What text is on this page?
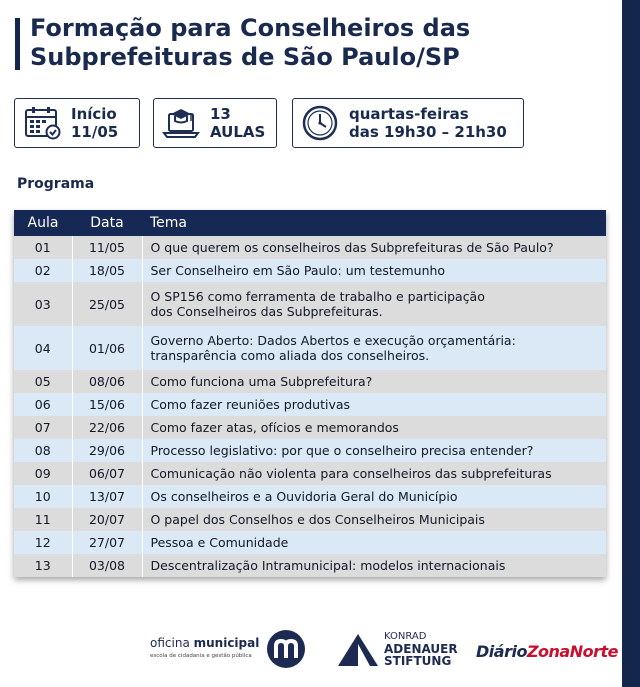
Formação para Conselheiros das
Subprefeituras de São Paulo/SP
Início
11/05
13
AULAS
quartas-feiras
das 19h30 – 21h30
Programa
Aula	Data	Tema
01	11/05	O que querem os conselheiros das Subprefeituras de São Paulo?

02	18/05	Ser Conselheiro em São Paulo: um testemunho

03	25/05	O SP156 como ferramenta de trabalho e participação
dos Conselheiros das Subprefeituras.

04	01/06	Governo Aberto: Dados Abertos e execução orçamentária:
transparência como aliada dos conselheiros.

05	08/06	Como funciona uma Subprefeitura?

06	15/06	Como fazer reuniões produtivas

07	22/06	Como fazer atas, ofícios e memorandos

08	29/06	Processo legislativo: por que o conselheiro precisa entender?

09	06/07	Comunicação não violenta para conselheiros das subprefeituras

10	13/07	Os conselheiros e a Ouvidoria Geral do Município

11	20/07	O papel dos Conselhos e dos Conselheiros Municipais

12	27/07	Pessoa e Comunidade

13	03/08	Descentralização Intramunicipal: modelos internacionais
oficina municipal
escola de cidadania e gestão pública
KONRAD
ADENAUER
STIFTUNG	DiárioZonaNorte
